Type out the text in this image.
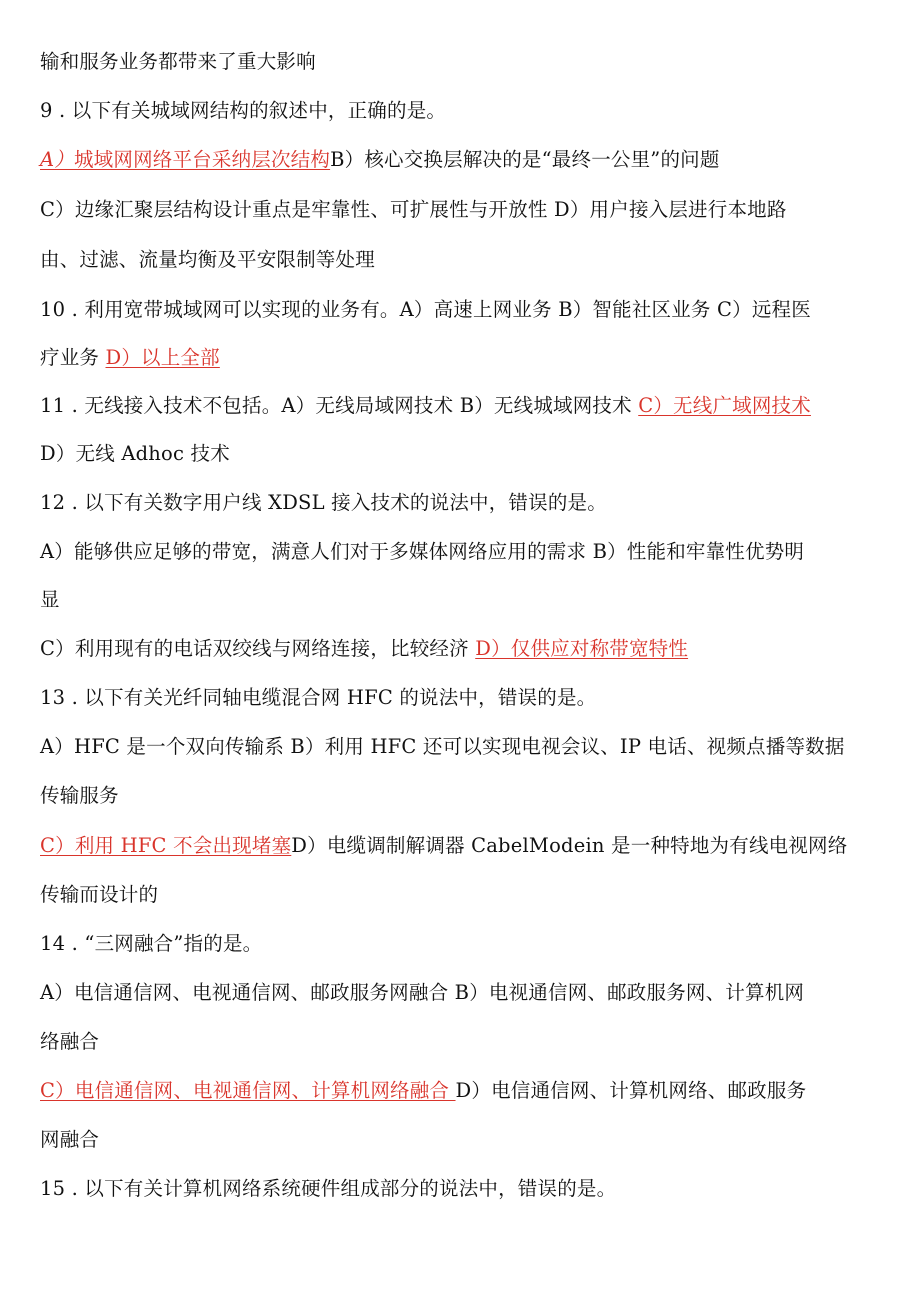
输和服务业务都带来了重大影响
9 . 以下有关城域网结构的叙述中，正确的是。
A）城域网网络平台采纳层次结构B）核心交换层解决的是“最终一公里”的问题
C）边缘汇聚层结构设计重点是牢靠性、可扩展性与开放性 D）用户接入层进行本地路
由、过滤、流量均衡及平安限制等处理
10 . 利用宽带城域网可以实现的业务有。A）高速上网业务 B）智能社区业务 C）远程医
疗业务 D）以上全部
11 . 无线接入技术不包括。A）无线局域网技术 B）无线城域网技术 C）无线广域网技术
D）无线 Adhoc 技术
12 . 以下有关数字用户线 XDSL 接入技术的说法中，错误的是。
A）能够供应足够的带宽，满意人们对于多媒体网络应用的需求 B）性能和牢靠性优势明
显
C）利用现有的电话双绞线与网络连接，比较经济 D）仅供应对称带宽特性
13 . 以下有关光纤同轴电缆混合网 HFC 的说法中，错误的是。
A）HFC 是一个双向传输系 B）利用 HFC 还可以实现电视会议、IP 电话、视频点播等数据
传输服务
C）利用 HFC 不会出现堵塞D）电缆调制解调器 CabelModein 是一种特地为有线电视网络
传输而设计的
14 . “三网融合”指的是。
A）电信通信网、电视通信网、邮政服务网融合 B）电视通信网、邮政服务网、计算机网
络融合
C）电信通信网、电视通信网、计算机网络融合 D）电信通信网、计算机网络、邮政服务
网融合
15 . 以下有关计算机网络系统硬件组成部分的说法中，错误的是。
